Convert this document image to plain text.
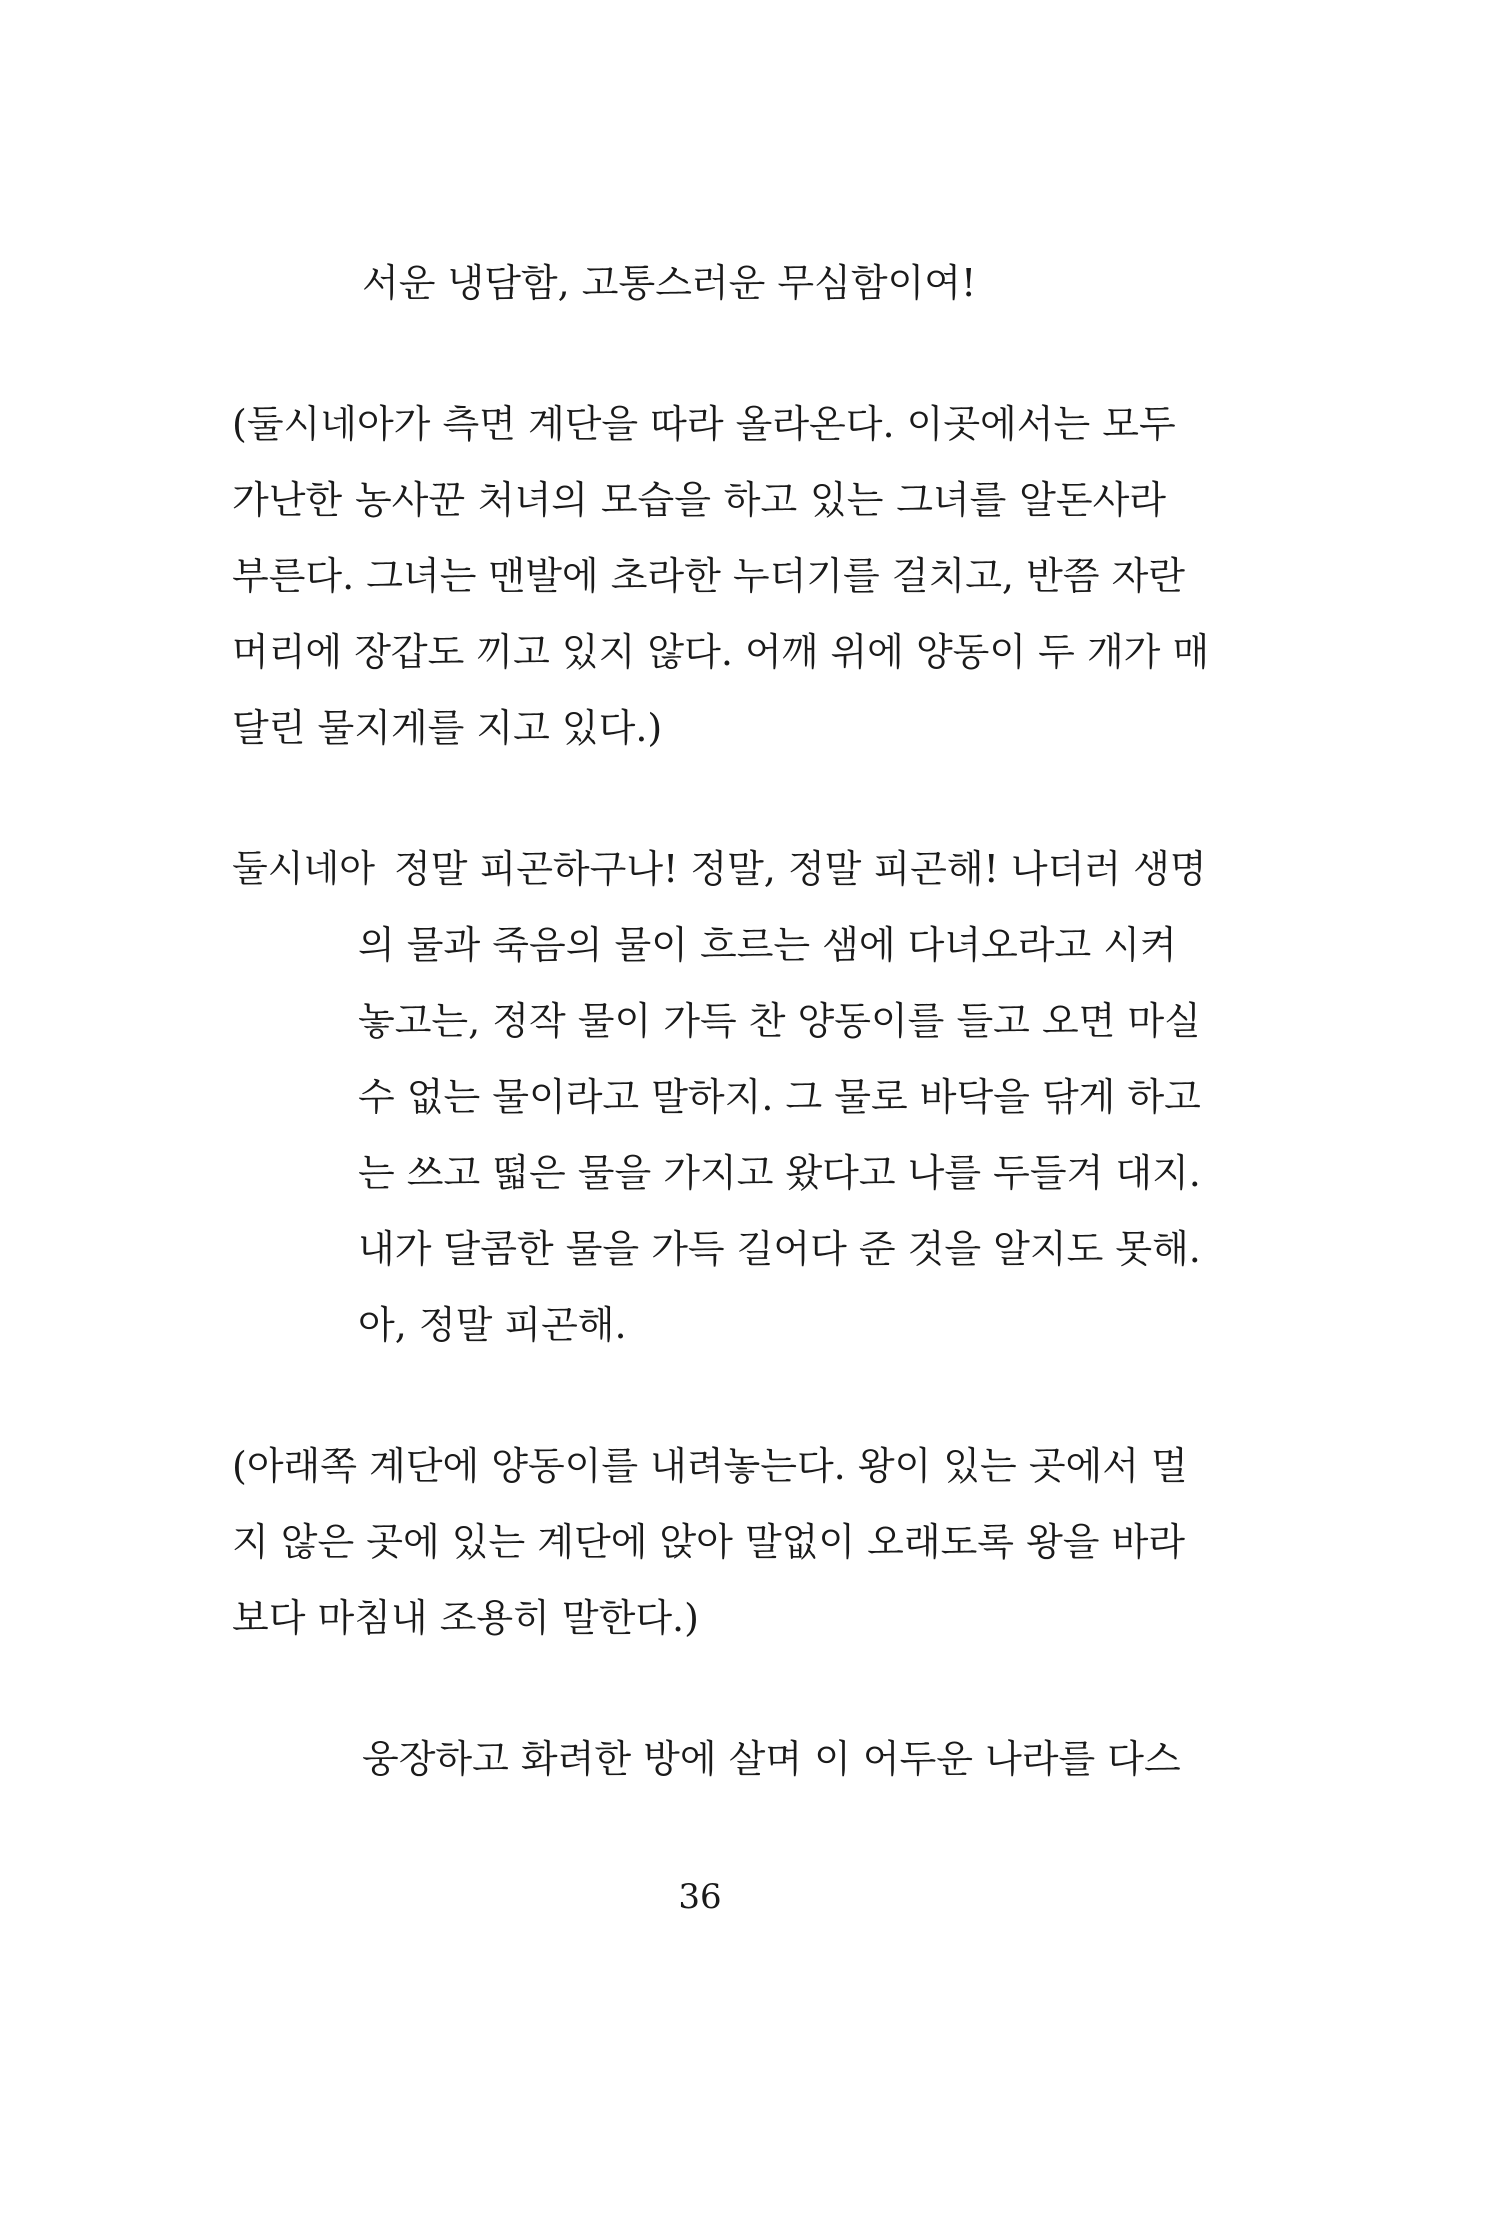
서운 냉담함, 고통스러운 무심함이여!
(둘시네아가 측면 계단을 따라 올라온다. 이곳에서는 모두
가난한 농사꾼 처녀의 모습을 하고 있는 그녀를 알돈사라
부른다. 그녀는 맨발에 초라한 누더기를 걸치고, 반쯤 자란
머리에 장갑도 끼고 있지 않다. 어깨 위에 양동이 두 개가 매
달린 물지게를 지고 있다.)
둘시네아 정말 피곤하구나! 정말, 정말 피곤해! 나더러 생명
의 물과 죽음의 물이 흐르는 샘에 다녀오라고 시켜
놓고는, 정작 물이 가득 찬 양동이를 들고 오면 마실
수 없는 물이라고 말하지. 그 물로 바닥을 닦게 하고
는 쓰고 떫은 물을 가지고 왔다고 나를 두들겨 대지.
내가 달콤한 물을 가득 길어다 준 것을 알지도 못해.
아, 정말 피곤해.
(아래쪽 계단에 양동이를 내려놓는다. 왕이 있는 곳에서 멀
지 않은 곳에 있는 계단에 앉아 말없이 오래도록 왕을 바라
보다 마침내 조용히 말한다.)
웅장하고 화려한 방에 살며 이 어두운 나라를 다스
36
